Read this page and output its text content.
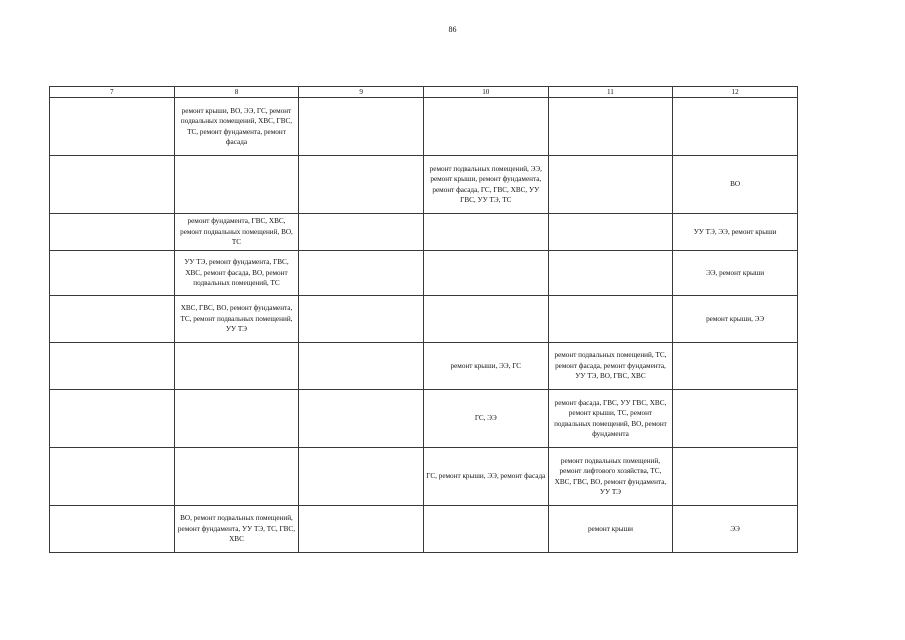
86
7	8	9	10	11	12
	ремонт крыши, ВО, ЭЭ, ГС, ремонт подвальных помещений, ХВС, ГВС, ТС, ремонт фундамента, ремонт фасада				
			ремонт подвальных помещений, ЭЭ, ремонт крыши, ремонт фундамента, ремонт фасада, ГС, ГВС, ХВС, УУ ГВС, УУ ТЭ, ТС		ВО
	ремонт фундамента, ГВС, ХВС, ремонт подвальных помещений, ВО, ТС				УУ ТЭ, ЭЭ, ремонт крыши
	УУ ТЭ, ремонт фундамента, ГВС, ХВС, ремонт фасада, ВО, ремонт подвальных помещений, ТС				ЭЭ, ремонт крыши
	ХВС, ГВС, ВО, ремонт фундамента, ТС, ремонт подвальных помещений, УУ ТЭ				ремонт крыши, ЭЭ
			ремонт крыши, ЭЭ, ГС	ремонт подвальных помещений, ТС, ремонт фасада, ремонт фундамента, УУ ТЭ, ВО, ГВС, ХВС	
			ГС, ЭЭ	ремонт фасада, ГВС, УУ ГВС, ХВС, ремонт крыши, ТС, ремонт подвальных помещений, ВО, ремонт фундамента	
			ГС, ремонт крыши, ЭЭ, ремонт фасада	ремонт подвальных помещений, ремонт лифтового хозяйства, ТС, ХВС, ГВС, ВО, ремонт фундамента, УУ ТЭ	
	ВО, ремонт подвальных помещений, ремонт фундамента, УУ ТЭ, ТС, ГВС, ХВС			ремонт крыши	ЭЭ
